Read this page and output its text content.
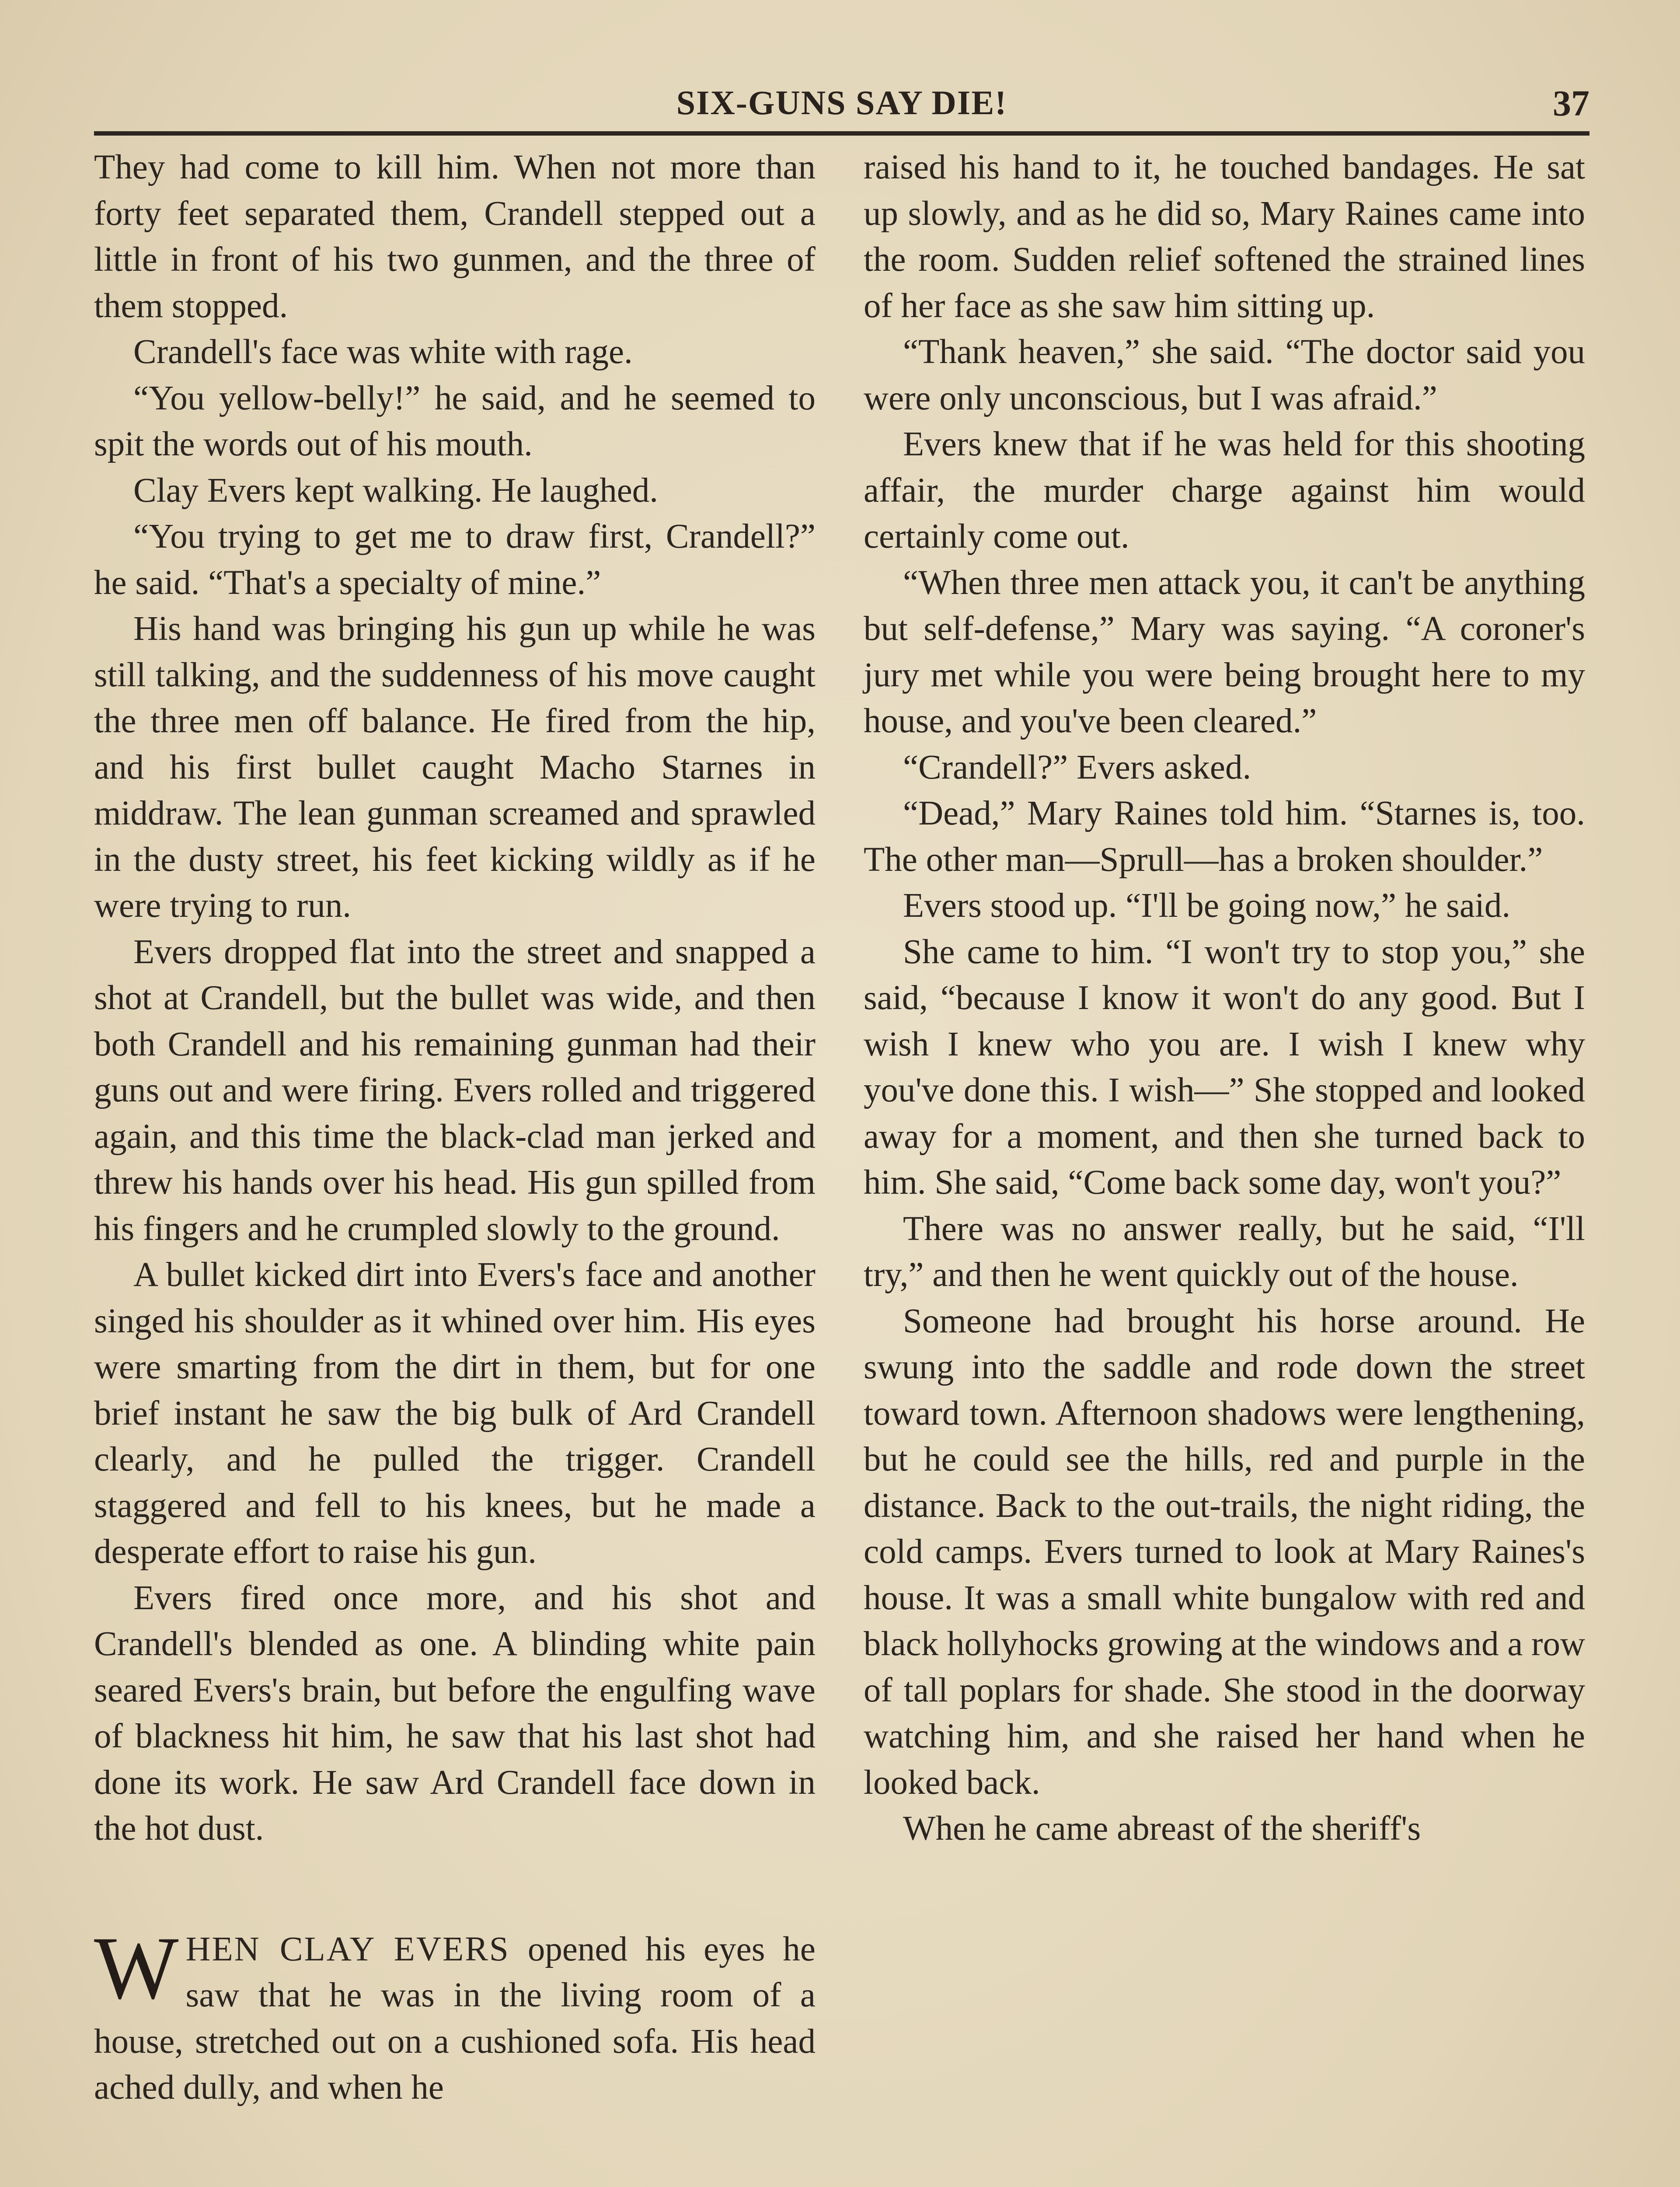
SIX-GUNS SAY DIE!	37

They had come to kill him. When not more than forty feet separated them, Crandell stepped out a little in front of his two gunmen, and the three of them stopped.

Crandell's face was white with rage.

“You yellow-belly!” he said, and he seemed to spit the words out of his mouth.

Clay Evers kept walking. He laughed.

“You trying to get me to draw first, Crandell?” he said. “That's a specialty of mine.”

His hand was bringing his gun up while he was still talking, and the suddenness of his move caught the three men off balance. He fired from the hip, and his first bullet caught Macho Starnes in middraw. The lean gunman screamed and sprawled in the dusty street, his feet kicking wildly as if he were trying to run.

Evers dropped flat into the street and snapped a shot at Crandell, but the bullet was wide, and then both Crandell and his remaining gunman had their guns out and were firing. Evers rolled and triggered again, and this time the black-clad man jerked and threw his hands over his head. His gun spilled from his fingers and he crumpled slowly to the ground.

A bullet kicked dirt into Evers's face and another singed his shoulder as it whined over him. His eyes were smarting from the dirt in them, but for one brief instant he saw the big bulk of Ard Crandell clearly, and he pulled the trigger. Crandell staggered and fell to his knees, but he made a desperate effort to raise his gun.

Evers fired once more, and his shot and Crandell's blended as one. A blinding white pain seared Evers's brain, but before the engulfing wave of blackness hit him, he saw that his last shot had done its work. He saw Ard Crandell face down in the hot dust.

WHEN CLAY EVERS opened his eyes he saw that he was in the living room of a house, stretched out on a cushioned sofa. His head ached dully, and when he

raised his hand to it, he touched bandages. He sat up slowly, and as he did so, Mary Raines came into the room. Sudden relief softened the strained lines of her face as she saw him sitting up.

“Thank heaven,” she said. “The doctor said you were only unconscious, but I was afraid.”

Evers knew that if he was held for this shooting affair, the murder charge against him would certainly come out.

“When three men attack you, it can't be anything but self-defense,” Mary was saying. “A coroner's jury met while you were being brought here to my house, and you've been cleared.”

“Crandell?” Evers asked.

“Dead,” Mary Raines told him. “Starnes is, too. The other man—Sprull—has a broken shoulder.”

Evers stood up. “I'll be going now,” he said.

She came to him. “I won't try to stop you,” she said, “because I know it won't do any good. But I wish I knew who you are. I wish I knew why you've done this. I wish—” She stopped and looked away for a moment, and then she turned back to him. She said, “Come back some day, won't you?”

There was no answer really, but he said, “I'll try,” and then he went quickly out of the house.

Someone had brought his horse around. He swung into the saddle and rode down the street toward town. Afternoon shadows were lengthening, but he could see the hills, red and purple in the distance. Back to the out-trails, the night riding, the cold camps. Evers turned to look at Mary Raines's house. It was a small white bungalow with red and black hollyhocks growing at the windows and a row of tall poplars for shade. She stood in the doorway watching him, and she raised her hand when he looked back.

When he came abreast of the sheriff's
